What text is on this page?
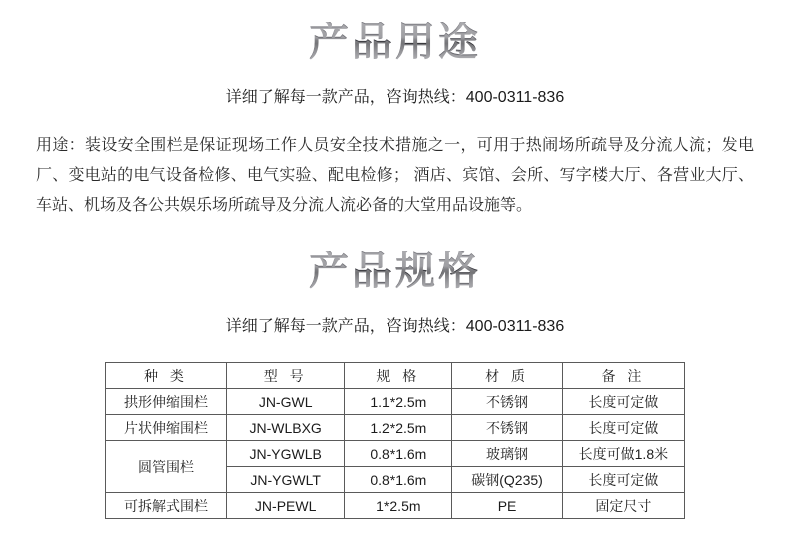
产品用途
详细了解每一款产品，咨询热线：400-0311-836
用途：装设安全围栏是保证现场工作人员安全技术措施之一，可用于热闹场所疏导及分流人流；发电厂、变电站的电气设备检修、电气实验、配电检修； 酒店、宾馆、会所、写字楼大厅、各营业大厅、车站、机场及各公共娱乐场所疏导及分流人流必备的大堂用品设施等。
产品规格
详细了解每一款产品，咨询热线：400-0311-836
种 类	型 号	规 格	材 质	备 注
拱形伸缩围栏	JN-GWL	1.1*2.5m	不锈钢	长度可定做
片状伸缩围栏	JN-WLBXG	1.2*2.5m	不锈钢	长度可定做
圆管围栏	JN-YGWLB	0.8*1.6m	玻璃钢	长度可做1.8米
	JN-YGWLT	0.8*1.6m	碳钢(Q235)	长度可定做
可拆解式围栏	JN-PEWL	1*2.5m	PE	固定尺寸
